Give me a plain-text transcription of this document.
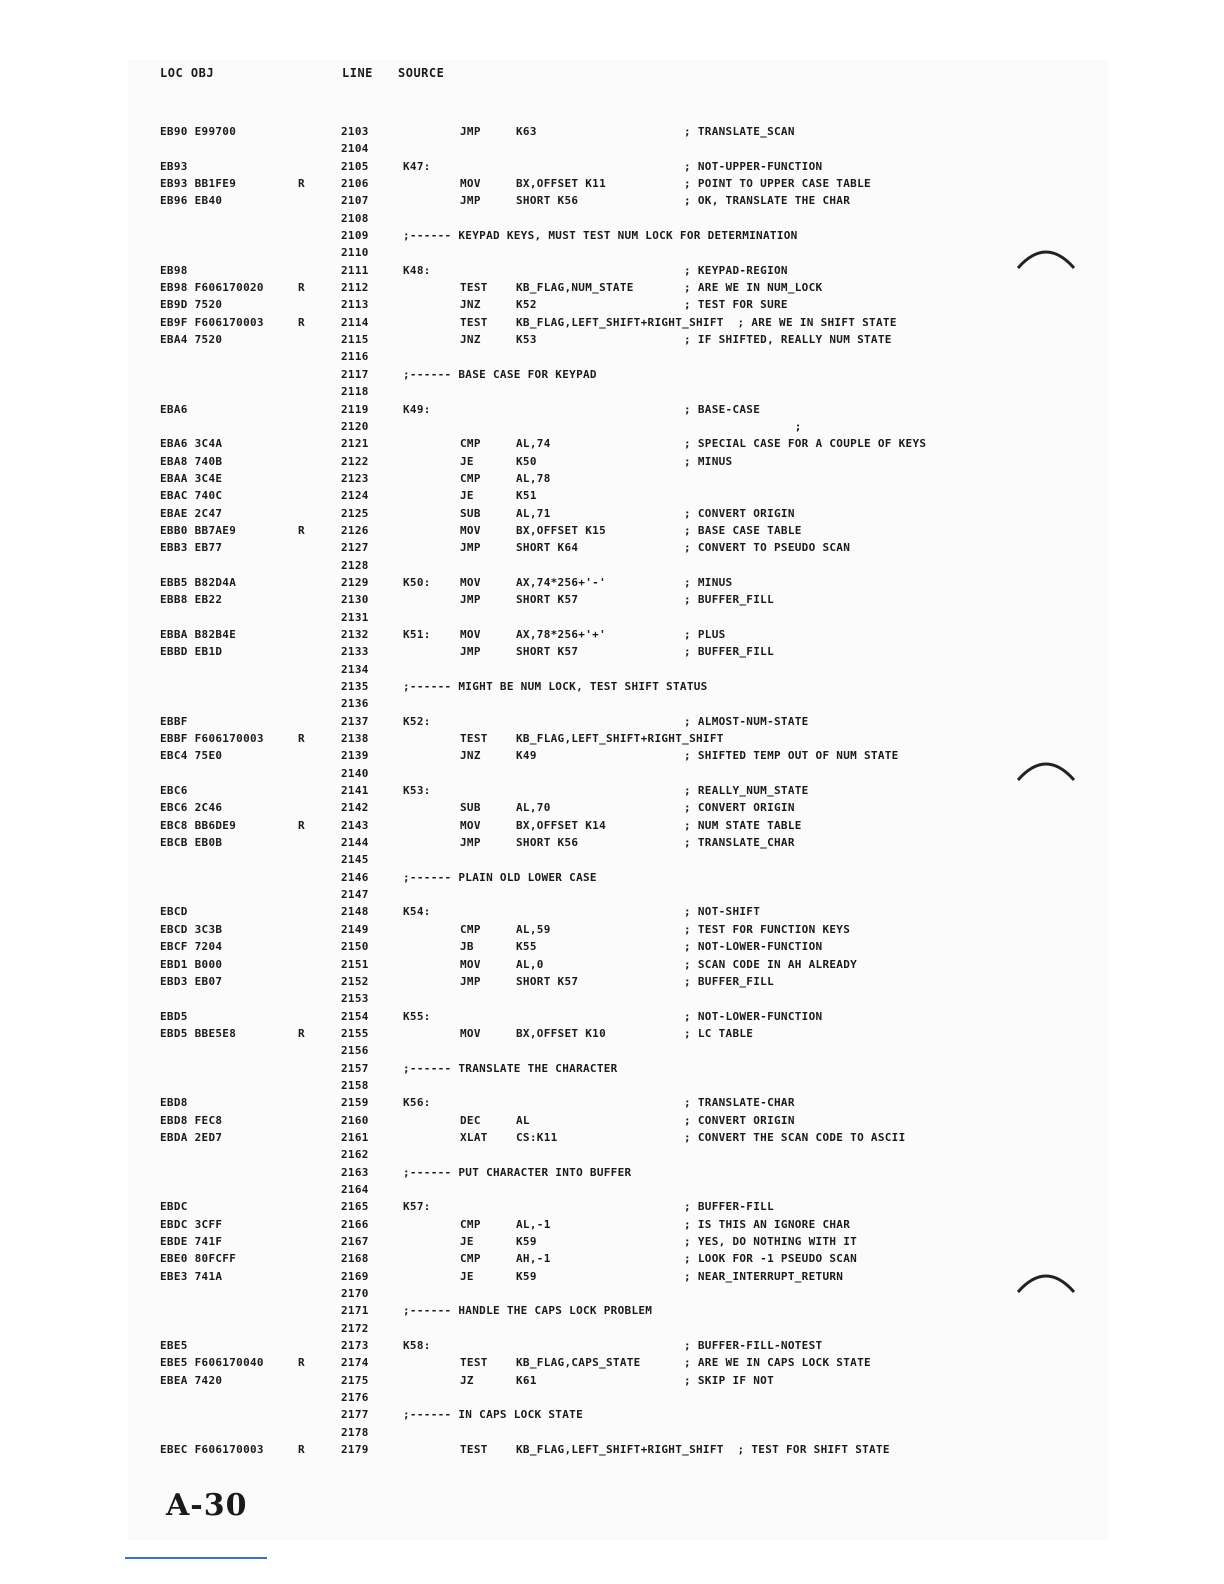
LOC OBJ	LINE SOURCE
EB90 E99700	2103	JMP	K63	; TRANSLATE_SCAN
2104
EB93	2105	K47:	; NOT-UPPER-FUNCTION
EB93 BB1FE9	R	2106	MOV	BX,OFFSET K11	; POINT TO UPPER CASE TABLE
EB96 EB40	2107	JMP	SHORT K56	; OK, TRANSLATE THE CHAR
2108
2109	;------ KEYPAD KEYS, MUST TEST NUM LOCK FOR DETERMINATION
2110
EB98	2111	K48:	; KEYPAD-REGION
EB98 F606170020	R	2112	TEST	KB_FLAG,NUM_STATE	; ARE WE IN NUM_LOCK
EB9D 7520	2113	JNZ	K52	; TEST FOR SURE
EB9F F606170003	R	2114	TEST	KB_FLAG,LEFT_SHIFT+RIGHT_SHIFT  ; ARE WE IN SHIFT STATE
EBA4 7520	2115	JNZ	K53	; IF SHIFTED, REALLY NUM STATE
2116
2117	;------ BASE CASE FOR KEYPAD
2118
EBA6	2119	K49:	; BASE-CASE
2120	;
EBA6 3C4A	2121	CMP	AL,74	; SPECIAL CASE FOR A COUPLE OF KEYS
EBA8 740B	2122	JE	K50	; MINUS
EBAA 3C4E	2123	CMP	AL,78
EBAC 740C	2124	JE	K51
EBAE 2C47	2125	SUB	AL,71	; CONVERT ORIGIN
EBB0 BB7AE9	R	2126	MOV	BX,OFFSET K15	; BASE CASE TABLE
EBB3 EB77	2127	JMP	SHORT K64	; CONVERT TO PSEUDO SCAN
2128
EBB5 B82D4A	2129	K50:	MOV	AX,74*256+'-'	; MINUS
EBB8 EB22	2130	JMP	SHORT K57	; BUFFER_FILL
2131
EBBA B82B4E	2132	K51:	MOV	AX,78*256+'+'	; PLUS
EBBD EB1D	2133	JMP	SHORT K57	; BUFFER_FILL
2134
2135	;------ MIGHT BE NUM LOCK, TEST SHIFT STATUS
2136
EBBF	2137	K52:	; ALMOST-NUM-STATE
EBBF F606170003	R	2138	TEST	KB_FLAG,LEFT_SHIFT+RIGHT_SHIFT
EBC4 75E0	2139	JNZ	K49	; SHIFTED TEMP OUT OF NUM STATE
2140
EBC6	2141	K53:	; REALLY_NUM_STATE
EBC6 2C46	2142	SUB	AL,70	; CONVERT ORIGIN
EBC8 BB6DE9	R	2143	MOV	BX,OFFSET K14	; NUM STATE TABLE
EBCB EB0B	2144	JMP	SHORT K56	; TRANSLATE_CHAR
2145
2146	;------ PLAIN OLD LOWER CASE
2147
EBCD	2148	K54:	; NOT-SHIFT
EBCD 3C3B	2149	CMP	AL,59	; TEST FOR FUNCTION KEYS
EBCF 7204	2150	JB	K55	; NOT-LOWER-FUNCTION
EBD1 B000	2151	MOV	AL,0	; SCAN CODE IN AH ALREADY
EBD3 EB07	2152	JMP	SHORT K57	; BUFFER_FILL
2153
EBD5	2154	K55:	; NOT-LOWER-FUNCTION
EBD5 BBE5E8	R	2155	MOV	BX,OFFSET K10	; LC TABLE
2156
2157	;------ TRANSLATE THE CHARACTER
2158
EBD8	2159	K56:	; TRANSLATE-CHAR
EBD8 FEC8	2160	DEC	AL	; CONVERT ORIGIN
EBDA 2ED7	2161	XLAT	CS:K11	; CONVERT THE SCAN CODE TO ASCII
2162
2163	;------ PUT CHARACTER INTO BUFFER
2164
EBDC	2165	K57:	; BUFFER-FILL
EBDC 3CFF	2166	CMP	AL,-1	; IS THIS AN IGNORE CHAR
EBDE 741F	2167	JE	K59	; YES, DO NOTHING WITH IT
EBE0 80FCFF	2168	CMP	AH,-1	; LOOK FOR -1 PSEUDO SCAN
EBE3 741A	2169	JE	K59	; NEAR_INTERRUPT_RETURN
2170
2171	;------ HANDLE THE CAPS LOCK PROBLEM
2172
EBE5	2173	K58:	; BUFFER-FILL-NOTEST
EBE5 F606170040	R	2174	TEST	KB_FLAG,CAPS_STATE	; ARE WE IN CAPS LOCK STATE
EBEA 7420	2175	JZ	K61	; SKIP IF NOT
2176
2177	;------ IN CAPS LOCK STATE
2178
EBEC F606170003	R	2179	TEST	KB_FLAG,LEFT_SHIFT+RIGHT_SHIFT  ; TEST FOR SHIFT STATE
A-30
